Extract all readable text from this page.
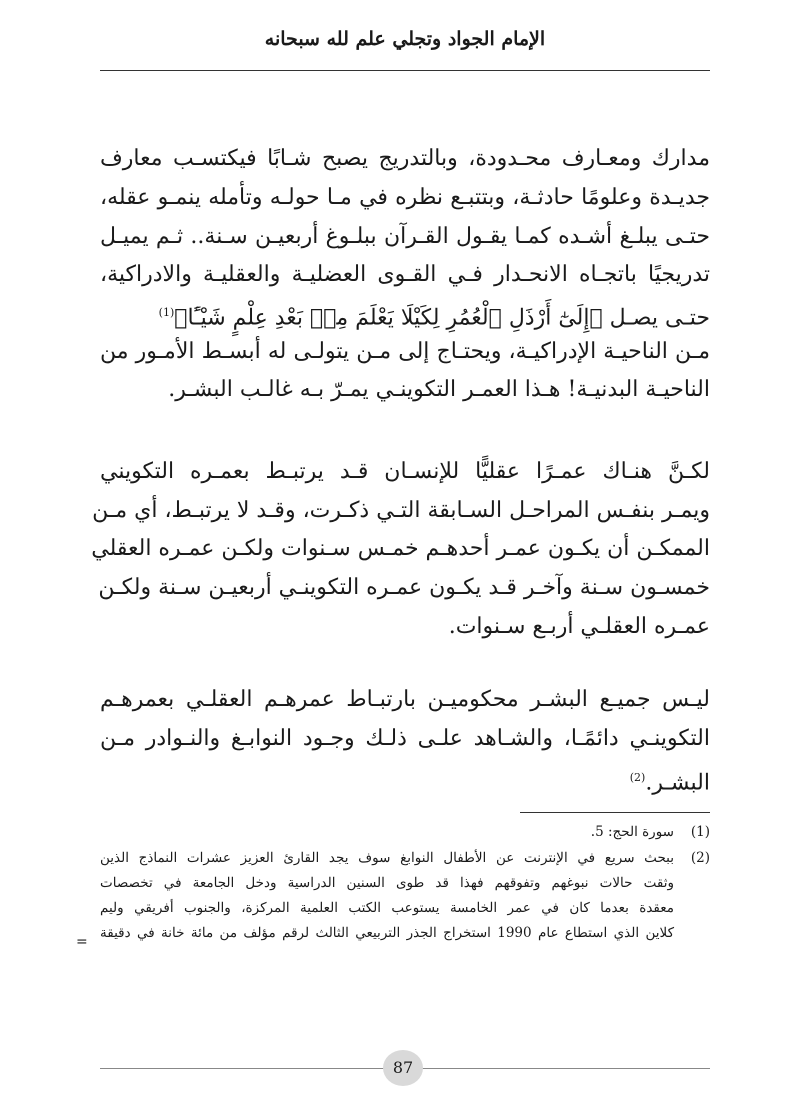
الإمام الجواد وتجلي علم لله سبحانه
مدارك ومعـارف محـدودة، وبالتدريج يصبح شـابًا فيكتسـب معارف
جديـدة وعلومًا حادثـة، وبتتبـع نظره في مـا حولـه وتأمله ينمـو عقله،
حتـى يبلـغ أشـده كمـا يقـول القـرآن ببلـوغ أربعيـن سـنة.. ثـم يميـل
تدريجيًا باتجـاه الانحـدار فـي القـوى العضليـة والعقليـة والادراكية،
حتـى يصـل ﴿إِلَىٰٓ أَرْذَلِ ٱلْعُمُرِ لِكَيْلَا يَعْلَمَ مِنۢ بَعْدِ عِلْمٍ شَيْـًٔا﴾$^{(1)}$
مـن الناحيـة الإدراكيـة، ويحتـاج إلى مـن يتولـى له أبسـط الأمـور من
الناحيـة البدنيـة! هـذا العمـر التكوينـي يمـرّ بـه غالـب البشـر.
لكـنَّ هنـاك عمـرًا عقليًّا للإنسـان قـد يرتبـط بعمـره التكويني
ويمـر بنفـس المراحـل السـابقة التـي ذكـرت، وقـد لا يرتبـط، أي مـن
الممكـن أن يكـون عمـر أحدهـم خمـس سـنوات ولكـن عمـره العقلي
خمسـون سـنة وآخـر قـد يكـون عمـره التكوينـي أربعيـن سـنة ولكـن
عمـره العقلـي أربـع سـنوات.
ليـس جميـع البشـر محكوميـن بارتبـاط عمرهـم العقلـي بعمرهـم
التكوينـي دائمًـا، والشـاهد علـى ذلـك وجـود النوابـغ والنـوادر مـن
البشـر.$^{(2)}$
(1)سورة الحج: 5.
(2)ببحث سريع في الإنترنت عن الأطفال النوابغ سوف يجد القارئ العزيز عشرات النماذج الذين
وثقت حالات نبوغهم وتفوقهم فهذا قد طوى السنين الدراسية ودخل الجامعة في تخصصات
معقدة بعدما كان في عمر الخامسة يستوعب الكتب العلمية المركزة، والجنوب أفريقي وليم
كلاين الذي استطاع عام 1990 استخراج الجذر التربيعي الثالث لرقم مؤلف من مائة خانة في دقيقة
=
87
